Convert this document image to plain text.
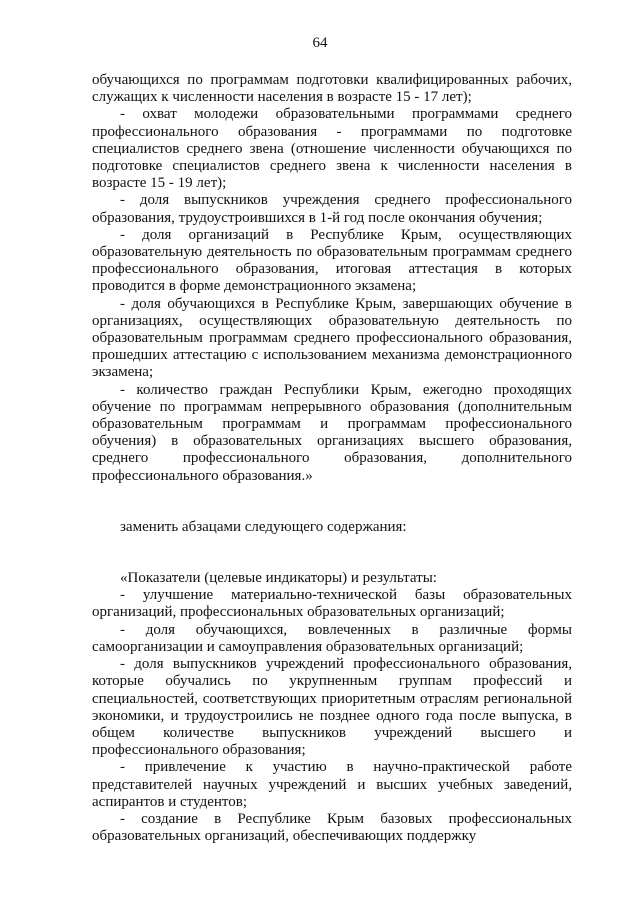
64

обучающихся по программам подготовки квалифицированных рабочих, служащих к численности населения в возрасте 15 - 17 лет);

- охват молодежи образовательными программами среднего профессионального образования - программами по подготовке специалистов среднего звена (отношение численности обучающихся по подготовке специалистов среднего звена к численности населения в возрасте 15 - 19 лет);

- доля выпускников учреждения среднего профессионального образования, трудоустроившихся в 1-й год после окончания обучения;

- доля организаций в Республике Крым, осуществляющих образовательную деятельность по образовательным программам среднего профессионального образования, итоговая аттестация в которых проводится в форме демонстрационного экзамена;

- доля обучающихся в Республике Крым, завершающих обучение в организациях, осуществляющих образовательную деятельность по образовательным программам среднего профессионального образования, прошедших аттестацию с использованием механизма демонстрационного экзамена;

- количество граждан Республики Крым, ежегодно проходящих обучение по программам непрерывного образования (дополнительным образовательным программам и программам профессионального обучения) в образовательных организациях высшего образования, среднего профессионального образования, дополнительного профессионального образования.»

заменить абзацами следующего содержания:

«Показатели (целевые индикаторы) и результаты:

- улучшение материально-технической базы образовательных организаций, профессиональных образовательных организаций;

- доля обучающихся, вовлеченных в различные формы самоорганизации и самоуправления образовательных организаций;

- доля выпускников учреждений профессионального образования, которые обучались по укрупненным группам профессий и специальностей, соответствующих приоритетным отраслям региональной экономики, и трудоустроились не позднее одного года после выпуска, в общем количестве выпускников учреждений высшего и профессионального образования;

- привлечение к участию в научно-практической работе представителей научных учреждений и высших учебных заведений, аспирантов и студентов;

- создание в Республике Крым базовых профессиональных образовательных организаций, обеспечивающих поддержку
